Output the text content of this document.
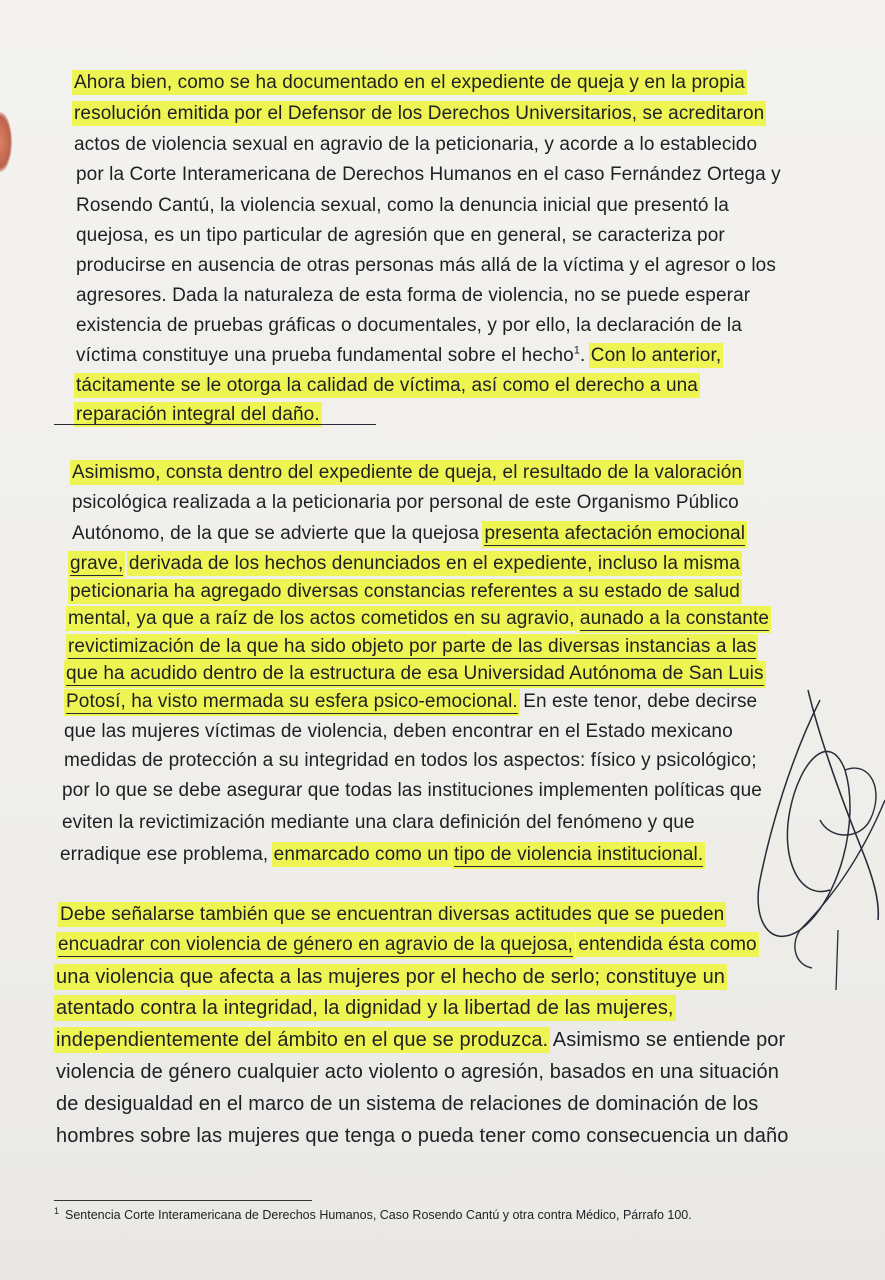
Ahora bien, como se ha documentado en el expediente de queja y en la propia
resolución emitida por el Defensor de los Derechos Universitarios, se acreditaron
actos de violencia sexual en agravio de la peticionaria, y acorde a lo establecido
por la Corte Interamericana de Derechos Humanos en el caso Fernández Ortega y
Rosendo Cantú, la violencia sexual, como la denuncia inicial que presentó la
quejosa, es un tipo particular de agresión que en general, se caracteriza por
producirse en ausencia de otras personas más allá de la víctima y el agresor o los
agresores. Dada la naturaleza de esta forma de violencia, no se puede esperar
existencia de pruebas gráficas o documentales, y por ello, la declaración de la
víctima constituye una prueba fundamental sobre el hecho$^1$. Con lo anterior,
tácitamente se le otorga la calidad de víctima, así como el derecho a una
reparación integral del daño.
Asimismo, consta dentro del expediente de queja, el resultado de la valoración
psicológica realizada a la peticionaria por personal de este Organismo Público
Autónomo, de la que se advierte que la quejosa presenta afectación emocional
grave, derivada de los hechos denunciados en el expediente, incluso la misma
peticionaria ha agregado diversas constancias referentes a su estado de salud
mental, ya que a raíz de los actos cometidos en su agravio, aunado a la constante
revictimización de la que ha sido objeto por parte de las diversas instancias a las
que ha acudido dentro de la estructura de esa Universidad Autónoma de San Luis
Potosí, ha visto mermada su esfera psico-emocional. En este tenor, debe decirse
que las mujeres víctimas de violencia, deben encontrar en el Estado mexicano
medidas de protección a su integridad en todos los aspectos: físico y psicológico;
por lo que se debe asegurar que todas las instituciones implementen políticas que
eviten la revictimización mediante una clara definición del fenómeno y que
erradique ese problema, enmarcado como un tipo de violencia institucional.
Debe señalarse también que se encuentran diversas actitudes que se pueden
encuadrar con violencia de género en agravio de la quejosa, entendida ésta como
una violencia que afecta a las mujeres por el hecho de serlo; constituye un
atentado contra la integridad, la dignidad y la libertad de las mujeres,
independientemente del ámbito en el que se produzca. Asimismo se entiende por
violencia de género cualquier acto violento o agresión, basados en una situación
de desigualdad en el marco de un sistema de relaciones de dominación de los
hombres sobre las mujeres que tenga o pueda tener como consecuencia un daño
$^1$ Sentencia Corte Interamericana de Derechos Humanos, Caso Rosendo Cantú y otra contra Médico, Párrafo 100.
